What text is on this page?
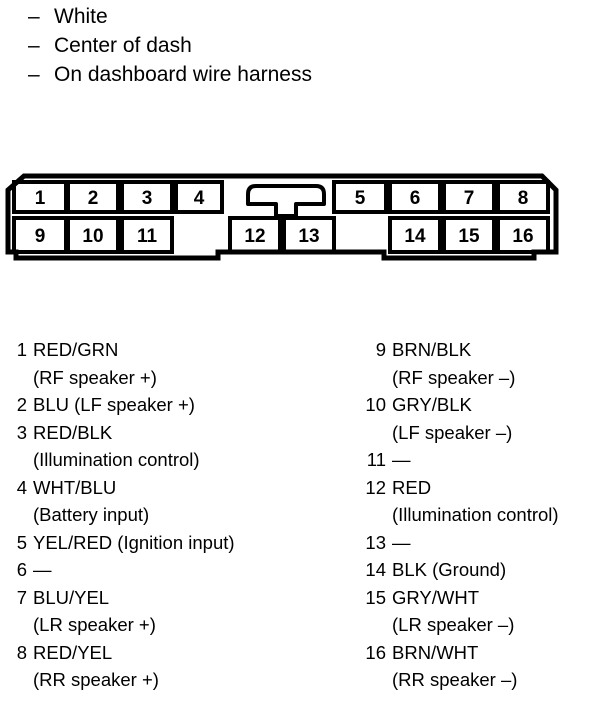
– White
– Center of dash
– On dashboard wire harness
1 2 3 4	5 6 7 8
9 10 11	12 13	14 15 16
1 RED/GRN
(RF speaker +)
2 BLU (LF speaker +)
3 RED/BLK
(Illumination control)
4 WHT/BLU
(Battery input)
5 YEL/RED (Ignition input)
6 —
7 BLU/YEL
(LR speaker +)
8 RED/YEL
(RR speaker +)
9 BRN/BLK
(RF speaker –)
10 GRY/BLK
(LF speaker –)
11 —
12 RED
(Illumination control)
13 —
14 BLK (Ground)
15 GRY/WHT
(LR speaker –)
16 BRN/WHT
(RR speaker –)
